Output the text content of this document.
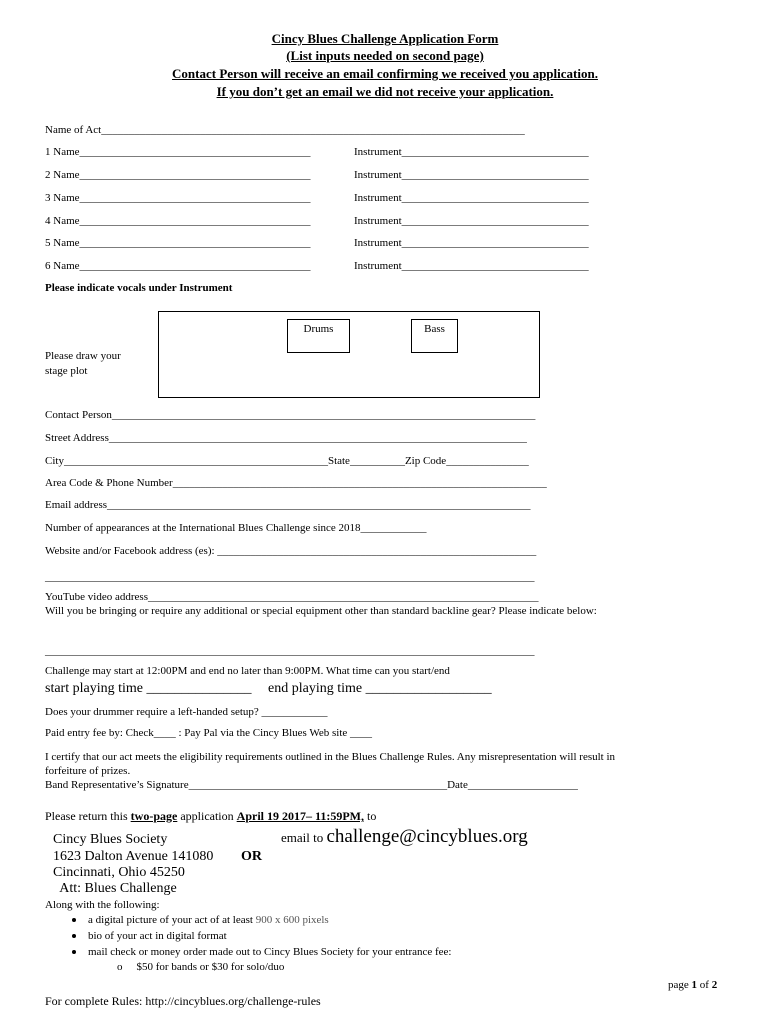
Cincy Blues Challenge Application Form
(List inputs needed on second page)
Contact Person will receive an email confirming we received you application.
If you don’t get an email we did not receive your application.
Name of Act_____________________________________________________________________________
1 Name__________________________________________	Instrument__________________________________
2 Name__________________________________________	Instrument__________________________________
3 Name__________________________________________	Instrument__________________________________
4 Name__________________________________________	Instrument__________________________________
5 Name__________________________________________	Instrument__________________________________
6 Name__________________________________________	Instrument__________________________________
Please indicate vocals under Instrument
Please draw your
stage plot
Drums	Bass
Contact Person_____________________________________________________________________________
Street Address____________________________________________________________________________
City________________________________________________State__________Zip Code_______________
Area Code & Phone Number____________________________________________________________________
Email address_____________________________________________________________________________
Number of appearances at the International Blues Challenge since 2018____________
Website and/or Facebook address (es): __________________________________________________________
_________________________________________________________________________________________
YouTube video address_______________________________________________________________________
Will you be bringing or require any additional or special equipment other than standard backline gear? Please indicate below:
_________________________________________________________________________________________
Challenge may start at 12:00PM and end no later than 9:00PM. What time can you start/end
start playing time _______________ end playing time __________________
Does your drummer require a left-handed setup? ____________
Paid entry fee by: Check____ : Pay Pal via the Cincy Blues Web site ____
I certify that our act meets the eligibility requirements outlined in the Blues Challenge Rules. Any misrepresentation will result in
forfeiture of prizes.
Band Representative’s Signature_______________________________________________Date____________________
Please return this two-page application April 19 2017– 11:59PM, to
Cincy Blues Society
1623 Dalton Avenue 141080
Cincinnati, Ohio 45250
Att: Blues Challenge
OR
email to challenge@cincyblues.org
Along with the following:
a digital picture of your act of at least 900 x 600 pixels
bio of your act in digital format
mail check or money order made out to Cincy Blues Society for your entrance fee:
o $50 for bands or $30 for solo/duo
page 1 of 2
For complete Rules: http://cincyblues.org/challenge-rules
